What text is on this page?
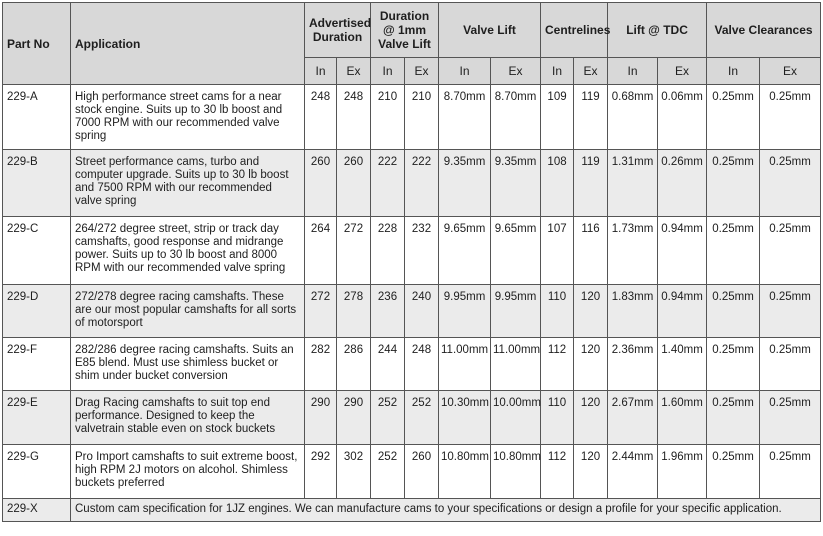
Part No	Application	Advertised Duration		Duration @ 1mm Valve Lift		Valve Lift		Centrelines		Lift @ TDC		Valve Clearances	
		In	Ex	In	Ex	In	Ex	In	Ex	In	Ex	In	Ex
229-A	High performance street cams for a near stock engine. Suits up to 30 lb boost and 7000 RPM with our recommended valve spring	248	248	210	210	8.70mm	8.70mm	109	119	0.68mm	0.06mm	0.25mm	0.25mm
229-B	Street performance cams, turbo and computer upgrade. Suits up to 30 lb boost and 7500 RPM with our recommended valve spring	260	260	222	222	9.35mm	9.35mm	108	119	1.31mm	0.26mm	0.25mm	0.25mm
229-C	264/272 degree street, strip or track day camshafts, good response and midrange power. Suits up to 30 lb boost and 8000 RPM with our recommended valve spring	264	272	228	232	9.65mm	9.65mm	107	116	1.73mm	0.94mm	0.25mm	0.25mm
229-D	272/278 degree racing camshafts. These are our most popular camshafts for all sorts of motorsport	272	278	236	240	9.95mm	9.95mm	110	120	1.83mm	0.94mm	0.25mm	0.25mm
229-F	282/286 degree racing camshafts. Suits an E85 blend. Must use shimless bucket or shim under bucket conversion	282	286	244	248	11.00mm	11.00mm	112	120	2.36mm	1.40mm	0.25mm	0.25mm
229-E	Drag Racing camshafts to suit top end performance. Designed to keep the valvetrain stable even on stock buckets	290	290	252	252	10.30mm	10.00mm	110	120	2.67mm	1.60mm	0.25mm	0.25mm
229-G	Pro Import camshafts to suit extreme boost, high RPM 2J motors on alcohol. Shimless buckets preferred	292	302	252	260	10.80mm	10.80mm	112	120	2.44mm	1.96mm	0.25mm	0.25mm
229-X	Custom cam specification for 1JZ engines. We can manufacture cams to your specifications or design a profile for your specific application.												
